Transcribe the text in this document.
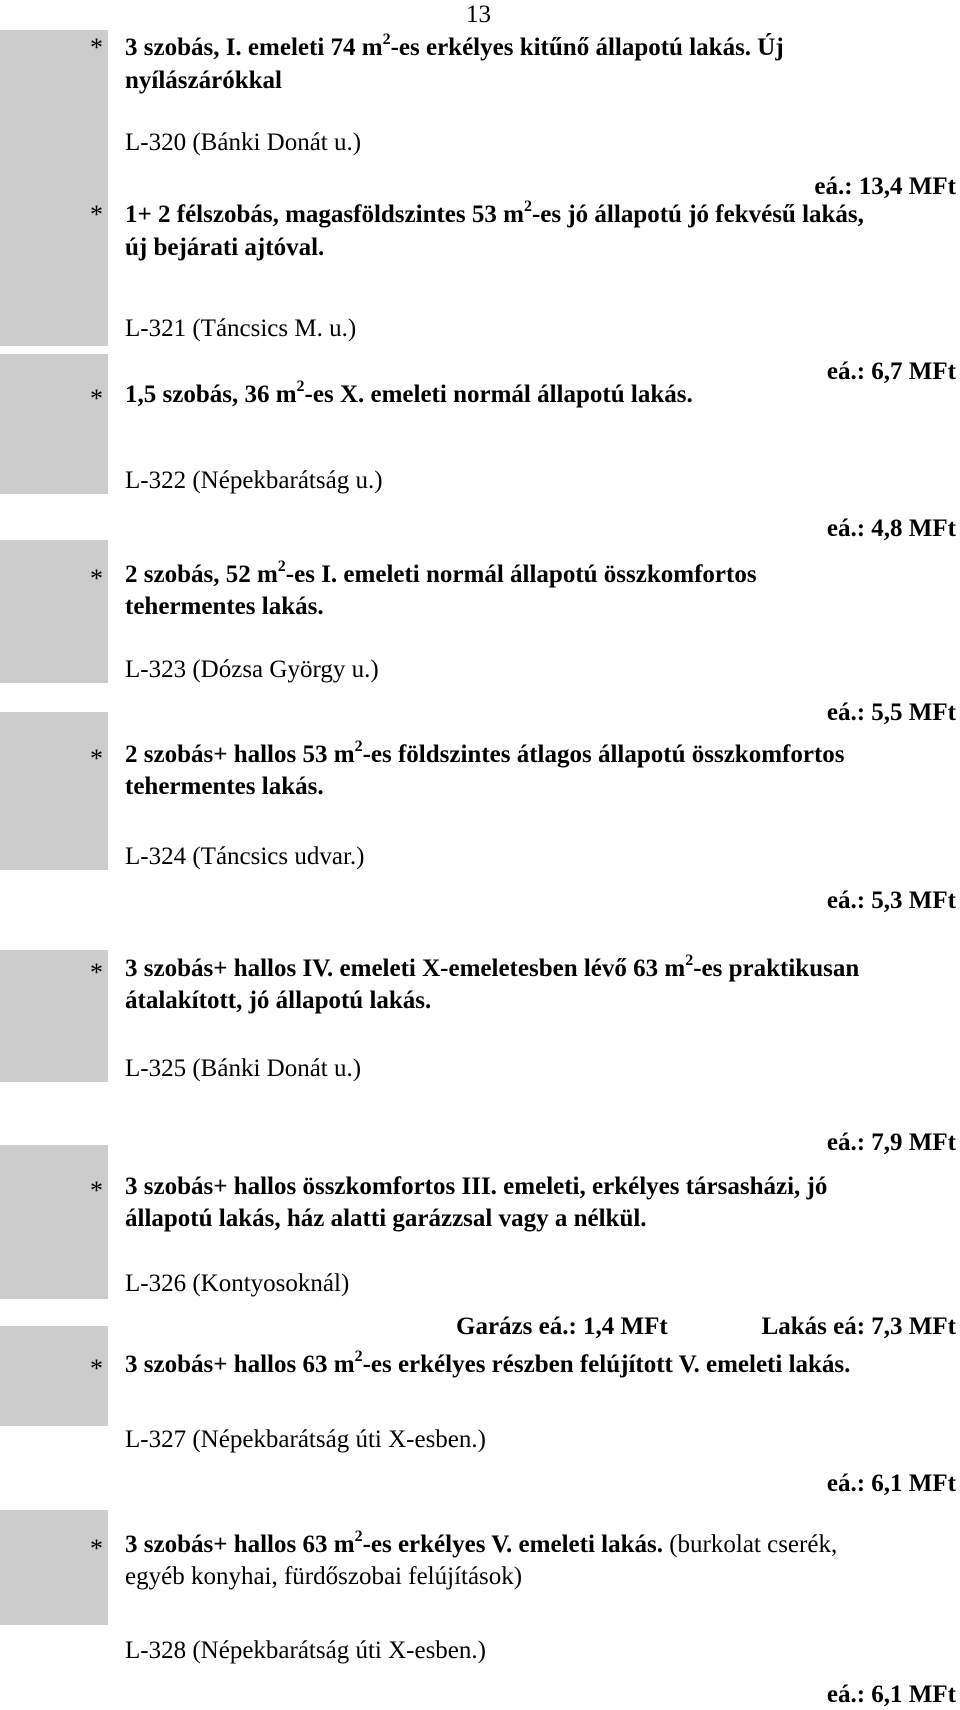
13
* 3 szobás, I. emeleti 74 $m^2-es$ erkélyes kitűnő állapotú lakás. Új
nyílászárókkal
L-320 (Bánki Donát u.)
eá.: 13,4 MFt
* 1+ 2 félszobás, magasföldszintes 53 $m^2-es$ jó állapotú jó fekvésű lakás,
új bejárati ajtóval.
L-321 (Táncsics M. u.)
eá.: 6,7 MFt
* 1,5 szobás, 36 $m^2-es$ X. emeleti normál állapotú lakás.
L-322 (Népekbarátság u.)
eá.: 4,8 MFt
* 2 szobás, 52 $m^2-es$ I. emeleti normál állapotú összkomfortos
tehermentes lakás.
L-323 (Dózsa György u.)
eá.: 5,5 MFt
* 2 szobás+ hallos 53 $m^2-es$ földszintes átlagos állapotú összkomfortos
tehermentes lakás.
L-324 (Táncsics udvar.)
eá.: 5,3 MFt
* 3 szobás+ hallos IV. emeleti X-emeletesben lévő 63 $m^2-es$ praktikusan
átalakított, jó állapotú lakás.
L-325 (Bánki Donát u.)
eá.: 7,9 MFt
* 3 szobás+ hallos összkomfortos III. emeleti, erkélyes társasházi, jó
állapotú lakás, ház alatti garázzsal vagy a nélkül.
L-326 (Kontyosoknál)
Garázs eá.: 1,4 MFt	Lakás eá: 7,3 MFt
* 3 szobás+ hallos 63 $m^2-es$ erkélyes részben felújított V. emeleti lakás.
L-327 (Népekbarátság úti X-esben.)
eá.: 6,1 MFt
* 3 szobás+ hallos 63 $m^2-es$ erkélyes V. emeleti lakás. (burkolat cserék,
egyéb konyhai, fürdőszobai felújítások)
L-328 (Népekbarátság úti X-esben.)
eá.: 6,1 MFt
